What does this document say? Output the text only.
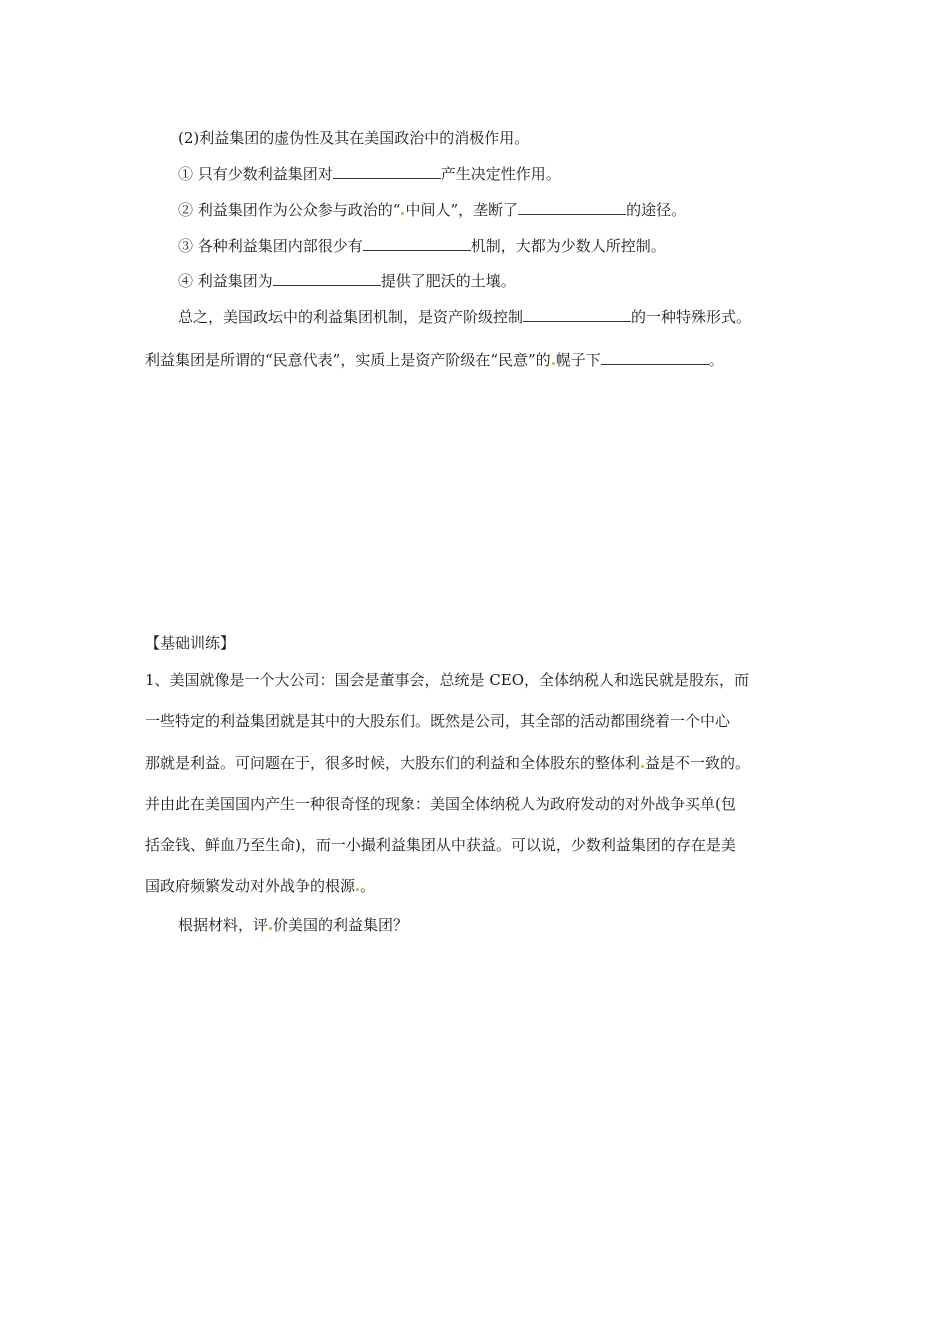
(2)利益集团的虚伪性及其在美国政治中的消极作用。
① 只有少数利益集团对	产生决定性作用。
② 利益集团作为公众参与政治的“ 中间人”，垄断了	的途径。
③ 各种利益集团内部很少有	机制，大都为少数人所控制。
④ 利益集团为	提供了肥沃的土壤。
总之，美国政坛中的利益集团机制，是资产阶级控制	的一种特殊形式。
利益集团是所谓的“民意代表”，实质上是资产阶级在“民意”的 幌子下	。
【基础训练】
1、美国就像是一个大公司：国会是董事会，总统是 CEO，全体纳税人和选民就是股东，而
一些特定的利益集团就是其中的大股东们。既然是公司，其全部的活动都围绕着一个中心
那就是利益。可问题在于，很多时候，大股东们的利益和全体股东的整体利 益是不一致的。
并由此在美国国内产生一种很奇怪的现象：美国全体纳税人为政府发动的对外战争买单(包
括金钱、鲜血乃至生命)，而一小撮利益集团从中获益。可以说，少数利益集团的存在是美
国政府频繁发动对外战争的根源 。
根据材料，评 价美国的利益集团？
